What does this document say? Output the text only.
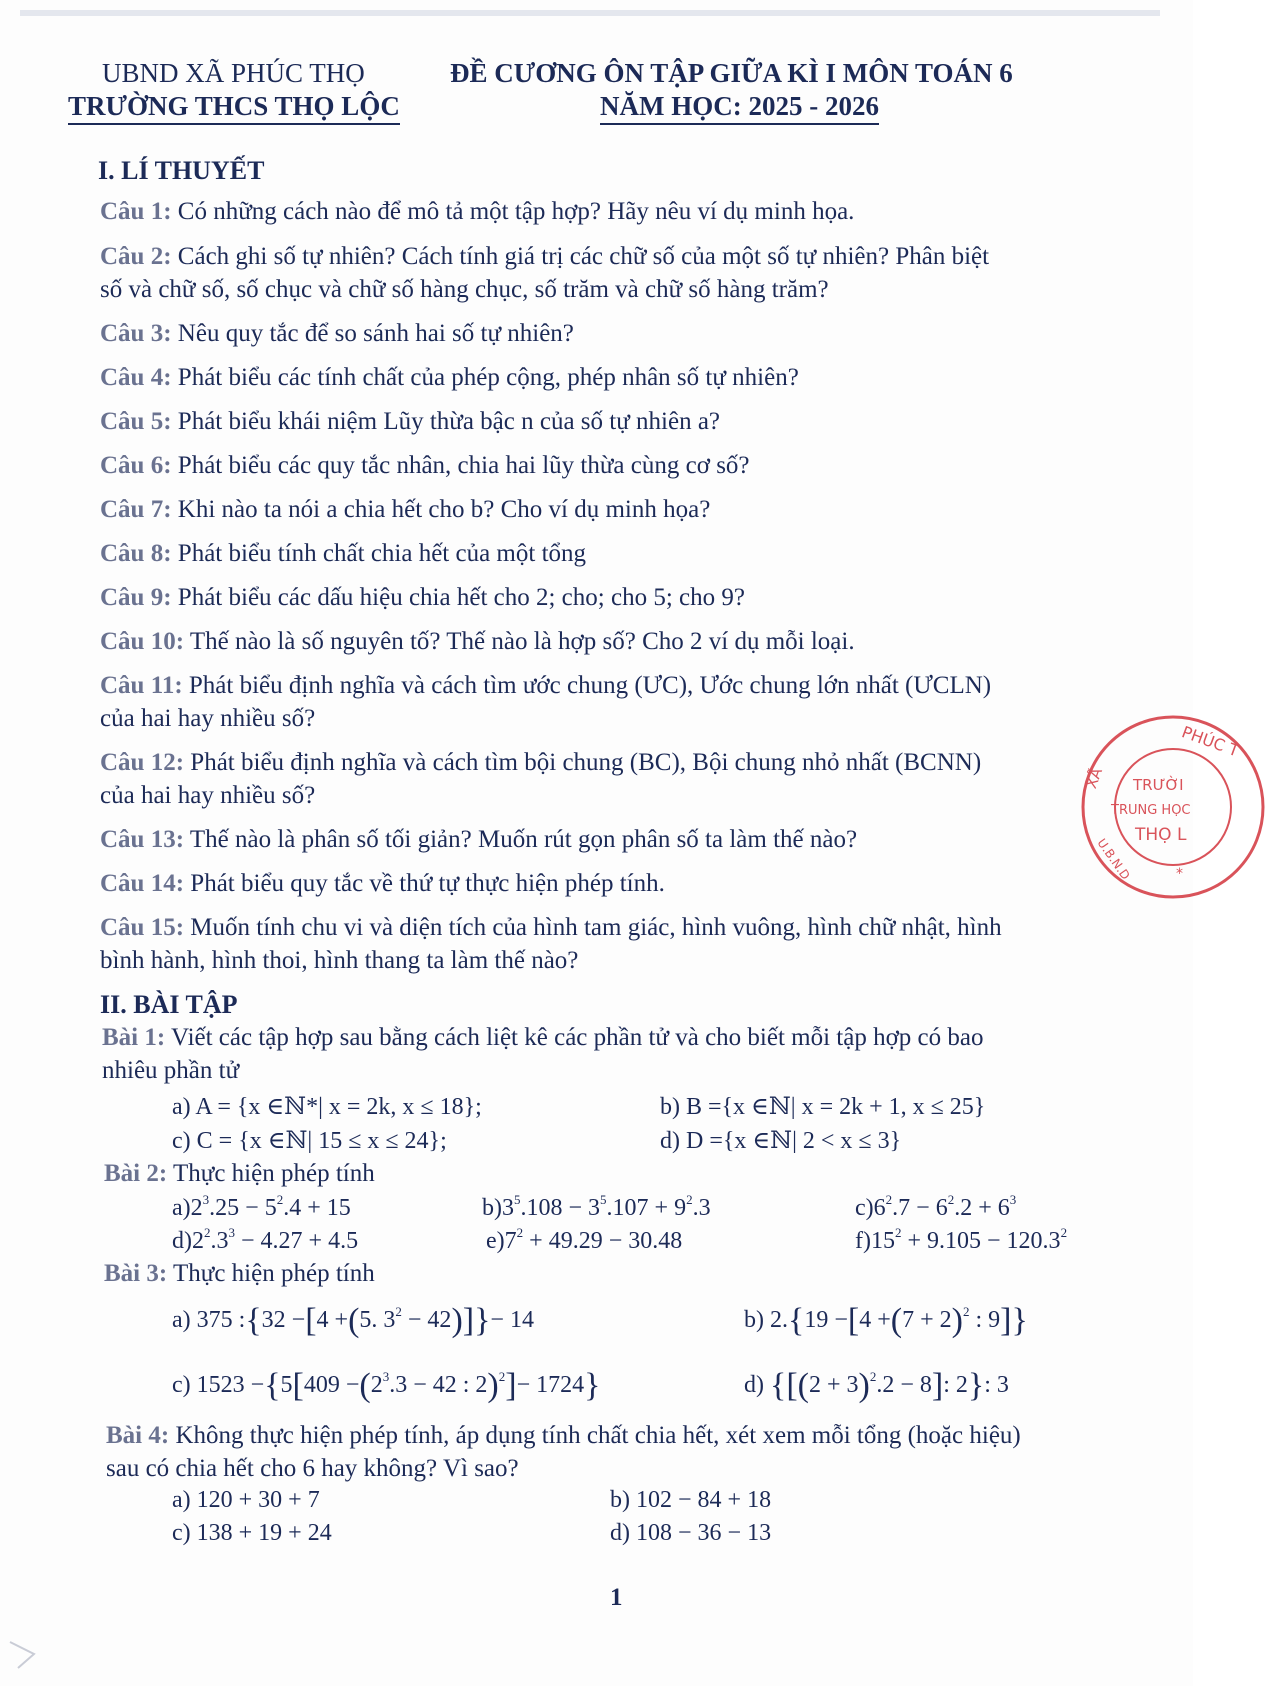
UBND XÃ PHÚC THỌ
TRƯỜNG THCS THỌ LỘC
ĐỀ CƯƠNG ÔN TẬP GIỮA KÌ I MÔN TOÁN 6
NĂM HỌC: 2025 - 2026
I. LÍ THUYẾT
Câu 1: Có những cách nào để mô tả một tập hợp? Hãy nêu ví dụ minh họa.
Câu 2: Cách ghi số tự nhiên? Cách tính giá trị các chữ số của một số tự nhiên? Phân biệt
số và chữ số, số chục và chữ số hàng chục, số trăm và chữ số hàng trăm?
Câu 3: Nêu quy tắc để so sánh hai số tự nhiên?
Câu 4: Phát biểu các tính chất của phép cộng, phép nhân số tự nhiên?
Câu 5: Phát biểu khái niệm Lũy thừa bậc n của số tự nhiên a?
Câu 6: Phát biểu các quy tắc nhân, chia hai lũy thừa cùng cơ số?
Câu 7: Khi nào ta nói a chia hết cho b? Cho ví dụ minh họa?
Câu 8: Phát biểu tính chất chia hết của một tổng
Câu 9: Phát biểu các dấu hiệu chia hết cho 2; cho; cho 5; cho 9?
Câu 10: Thế nào là số nguyên tố? Thế nào là hợp số? Cho 2 ví dụ mỗi loại.
Câu 11: Phát biểu định nghĩa và cách tìm ước chung (ƯC), Ước chung lớn nhất (ƯCLN)
của hai hay nhiều số?
Câu 12: Phát biểu định nghĩa và cách tìm bội chung (BC), Bội chung nhỏ nhất (BCNN)
của hai hay nhiều số?
Câu 13: Thế nào là phân số tối giản? Muốn rút gọn phân số ta làm thế nào?
Câu 14: Phát biểu quy tắc về thứ tự thực hiện phép tính.
Câu 15: Muốn tính chu vi và diện tích của hình tam giác, hình vuông, hình chữ nhật, hình
bình hành, hình thoi, hình thang ta làm thế nào?
II. BÀI TẬP
Bài 1: Viết các tập hợp sau bằng cách liệt kê các phần tử và cho biết mỗi tập hợp có bao
nhiêu phần tử
a) A = {x ∈ℕ*| x = 2k, x ≤ 18};	b) B ={x ∈ℕ| x = 2k + 1, x ≤ 25}
c) C = {x ∈ℕ| 15 ≤ x ≤ 24};	d) D ={x ∈ℕ| 2 < x ≤ 3}
Bài 2: Thực hiện phép tính
$a)2^3.25 - 5^2.4 + 15$	$b)3^5.108 - 3^5.107 + 9^2.3$	$c)6^2.7 - 6^2.2 + 6^3$
$d)2^2.3^3 - 4.27 + 4.5$	$e)7^2 + 49.29 - 30.48$	$f)15^2 + 9.105 - 120.3^2$
Bài 3: Thực hiện phép tính
a) 375 :{32 −[4 +(5. $3^2 - 42)]\}- 14$	b) $2.\{19 -[4 +(7 + 2)^2$ : 9]}
c) $1523 -\{5[409 -(2^3.3 - 42$ : 2)$^2$]− 1724}	d) {$[(2 + 3)^2.2 - 8]$: 2}: 3
Bài 4: Không thực hiện phép tính, áp dụng tính chất chia hết, xét xem mỗi tổng (hoặc hiệu)
sau có chia hết cho 6 hay không? Vì sao?
a) 120 + 30 + 7	b) 102 − 84 + 18
c) 138 + 19 + 24	d) 108 − 36 − 13
1
PHÚC T
XÃ
U.B.N.D
TRƯỜI
TRUNG HỌC
THỌ L
*
